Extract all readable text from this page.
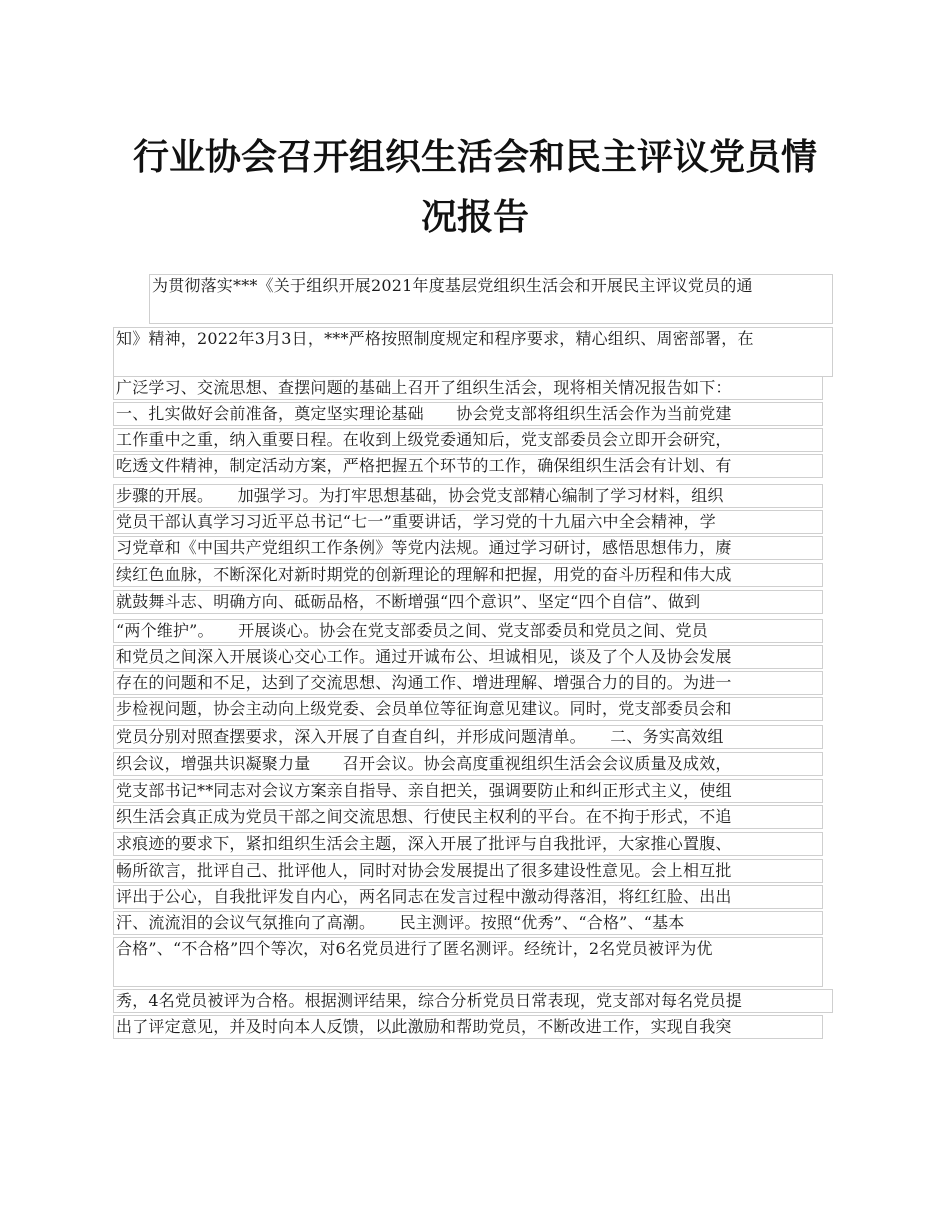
行业协会召开组织生活会和民主评议党员情
况报告
为贯彻落实***《关于组织开展2021年度基层党组织生活会和开展民主评议党员的通
知》精神，2022年3月3日，***严格按照制度规定和程序要求，精心组织、周密部署，在
广泛学习、交流思想、查摆问题的基础上召开了组织生活会，现将相关情况报告如下：
一、扎实做好会前准备，奠定坚实理论基础　　协会党支部将组织生活会作为当前党建
工作重中之重，纳入重要日程。在收到上级党委通知后，党支部委员会立即开会研究，
吃透文件精神，制定活动方案，严格把握五个环节的工作，确保组织生活会有计划、有
步骤的开展。　　加强学习。为打牢思想基础，协会党支部精心编制了学习材料，组织
党员干部认真学习习近平总书记“七一”重要讲话，学习党的十九届六中全会精神，学
习党章和《中国共产党组织工作条例》等党内法规。通过学习研讨，感悟思想伟力，赓
续红色血脉，不断深化对新时期党的创新理论的理解和把握，用党的奋斗历程和伟大成
就鼓舞斗志、明确方向、砥砺品格，不断增强“四个意识”、坚定“四个自信”、做到
“两个维护”。　　开展谈心。协会在党支部委员之间、党支部委员和党员之间、党员
和党员之间深入开展谈心交心工作。通过开诚布公、坦诚相见，谈及了个人及协会发展
存在的问题和不足，达到了交流思想、沟通工作、增进理解、增强合力的目的。为进一
步检视问题，协会主动向上级党委、会员单位等征询意见建议。同时，党支部委员会和
党员分别对照查摆要求，深入开展了自查自纠，并形成问题清单。　　二、务实高效组
织会议，增强共识凝聚力量　　召开会议。协会高度重视组织生活会会议质量及成效，
党支部书记**同志对会议方案亲自指导、亲自把关，强调要防止和纠正形式主义，使组
织生活会真正成为党员干部之间交流思想、行使民主权利的平台。在不拘于形式，不追
求痕迹的要求下，紧扣组织生活会主题，深入开展了批评与自我批评，大家推心置腹、
畅所欲言，批评自己、批评他人，同时对协会发展提出了很多建设性意见。会上相互批
评出于公心，自我批评发自内心，两名同志在发言过程中激动得落泪，将红红脸、出出
汗、流流泪的会议气氛推向了高潮。　　民主测评。按照“优秀”、“合格”、“基本
合格”、“不合格”四个等次，对6名党员进行了匿名测评。经统计，2名党员被评为优
秀，4名党员被评为合格。根据测评结果，综合分析党员日常表现，党支部对每名党员提
出了评定意见，并及时向本人反馈，以此激励和帮助党员，不断改进工作，实现自我突
